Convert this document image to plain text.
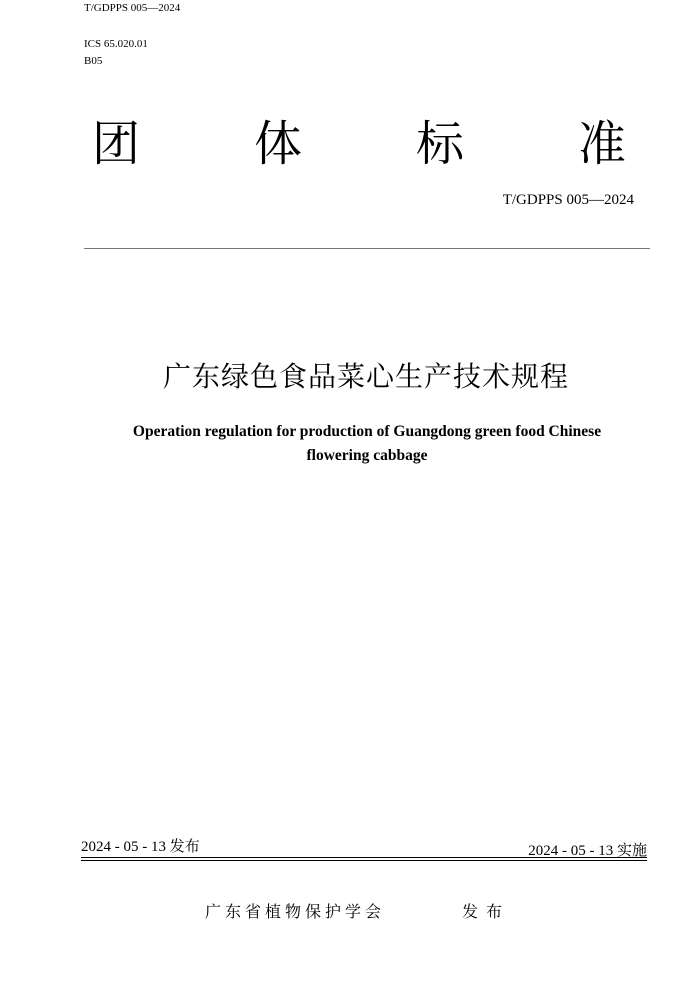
T/GDPPS 005—2024
ICS 65.020.01
B05
团 体 标 准
T/GDPPS 005—2024
广东绿色食品菜心生产技术规程
Operation regulation for production of Guangdong green food Chinese flowering cabbage
2024 - 05 - 13 发布	2024 - 05 - 13 实施
广东省植物保护学会	发布
